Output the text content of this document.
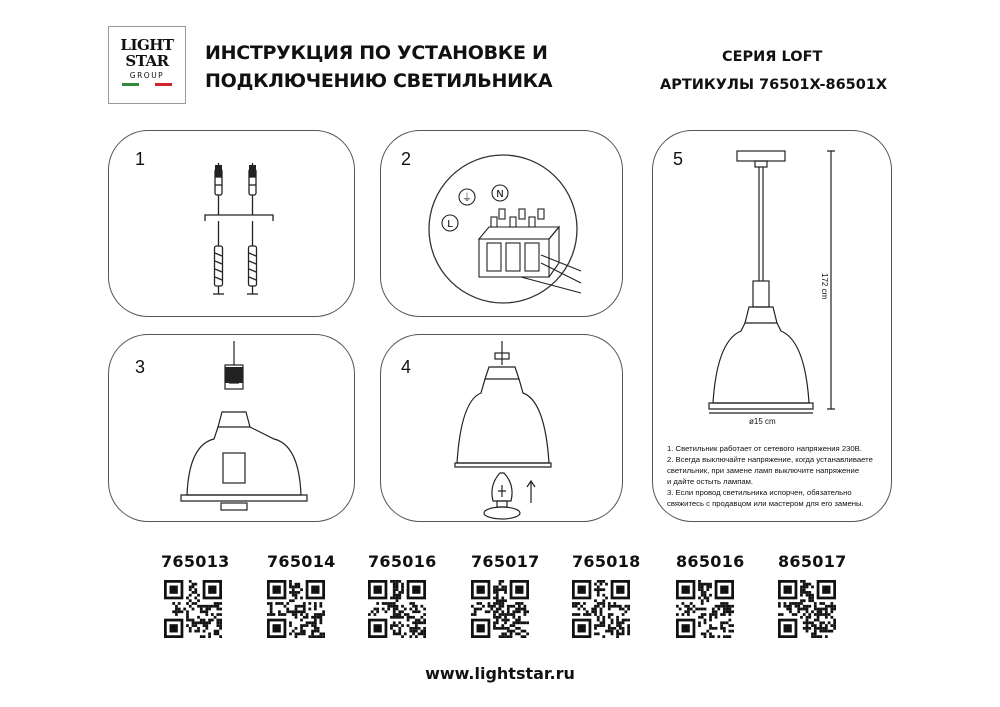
LIGHT
STAR
GROUP
ИНСТРУКЦИЯ ПО УСТАНОВКЕ И
ПОДКЛЮЧЕНИЮ СВЕТИЛЬНИКА
СЕРИЯ LOFT
АРТИКУЛЫ 76501X-86501X
1	2
⏚ N
L
3	4
5
172 cm
ø15 cm
1. Светильник работает от сетевого напряжения 230В.
2. Всегда выключайте напряжение, когда устанавливаете
светильник, при замене ламп выключите напряжение
и дайте остыть лампам.
3. Если провод светильника испорчен, обязательно
свяжитесь с продавцом или мастером для его замены.
765013 765014 765016 765017 765018 865016 865017
www.lightstar.ru
